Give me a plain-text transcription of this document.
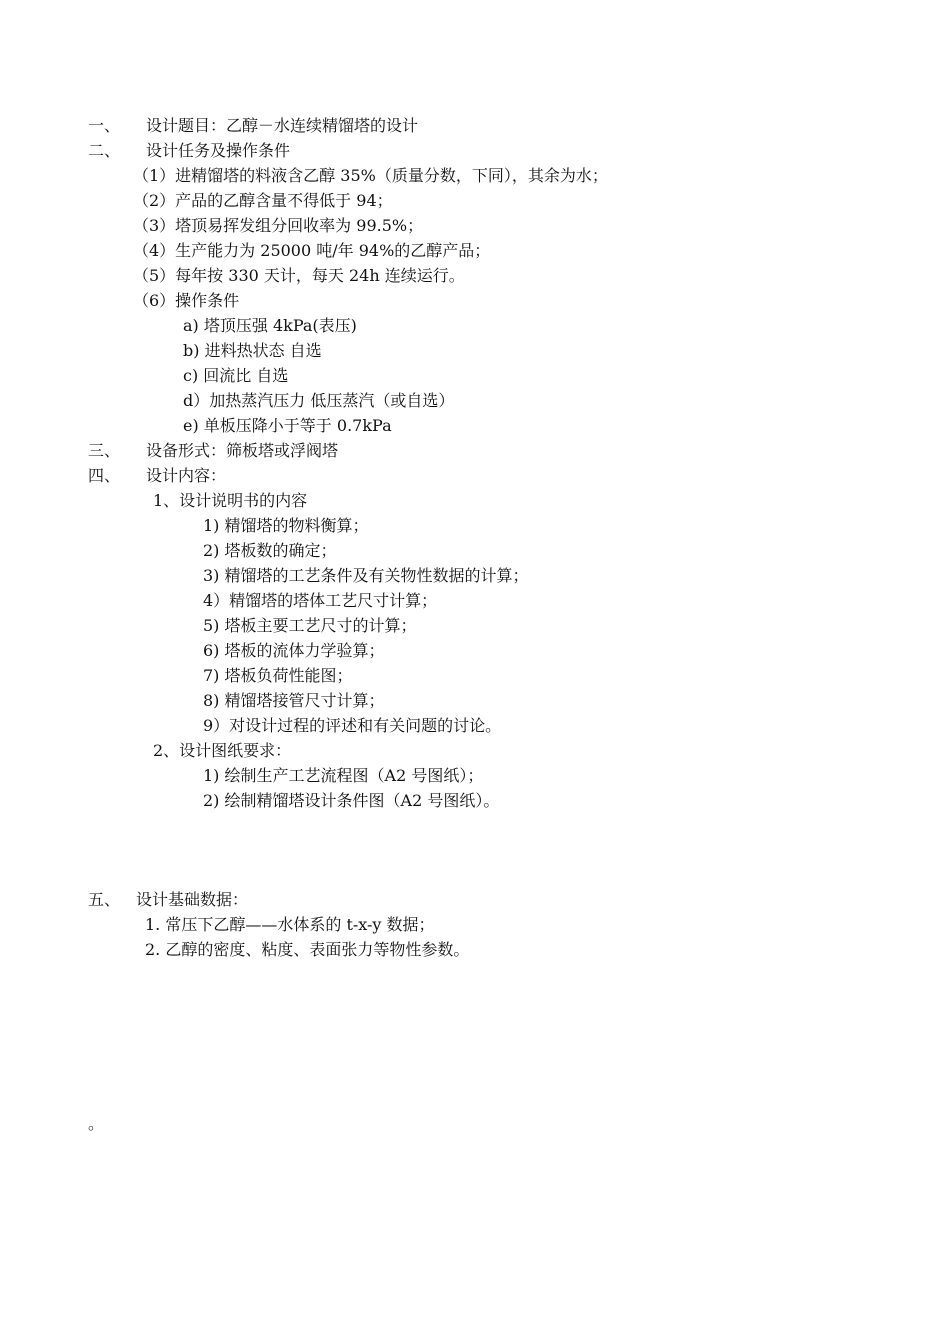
一、 设计题目：乙醇－水连续精馏塔的设计
二、 设计任务及操作条件
（1）进精馏塔的料液含乙醇 35%（质量分数，下同），其余为水；
（2）产品的乙醇含量不得低于 94；
（3）塔顶易挥发组分回收率为 99.5%；
（4）生产能力为 25000 吨/年 94%的乙醇产品；
（5）每年按 330 天计，每天 24h 连续运行。
（6）操作条件
a) 塔顶压强 4kPa(表压)
b) 进料热状态 自选
c) 回流比 自选
d）加热蒸汽压力 低压蒸汽（或自选）
e) 单板压降小于等于 0.7kPa
三、 设备形式：筛板塔或浮阀塔
四、 设计内容：
1、设计说明书的内容
1) 精馏塔的物料衡算；
2) 塔板数的确定；
3) 精馏塔的工艺条件及有关物性数据的计算；
4）精馏塔的塔体工艺尺寸计算；
5) 塔板主要工艺尺寸的计算；
6) 塔板的流体力学验算；
7) 塔板负荷性能图；
8) 精馏塔接管尺寸计算；
9）对设计过程的评述和有关问题的讨论。
2、设计图纸要求：
1) 绘制生产工艺流程图（A2 号图纸）；
2) 绘制精馏塔设计条件图（A2 号图纸）。
五、 设计基础数据：
1. 常压下乙醇——水体系的 t-x-y 数据；
2. 乙醇的密度、粘度、表面张力等物性参数。
。
